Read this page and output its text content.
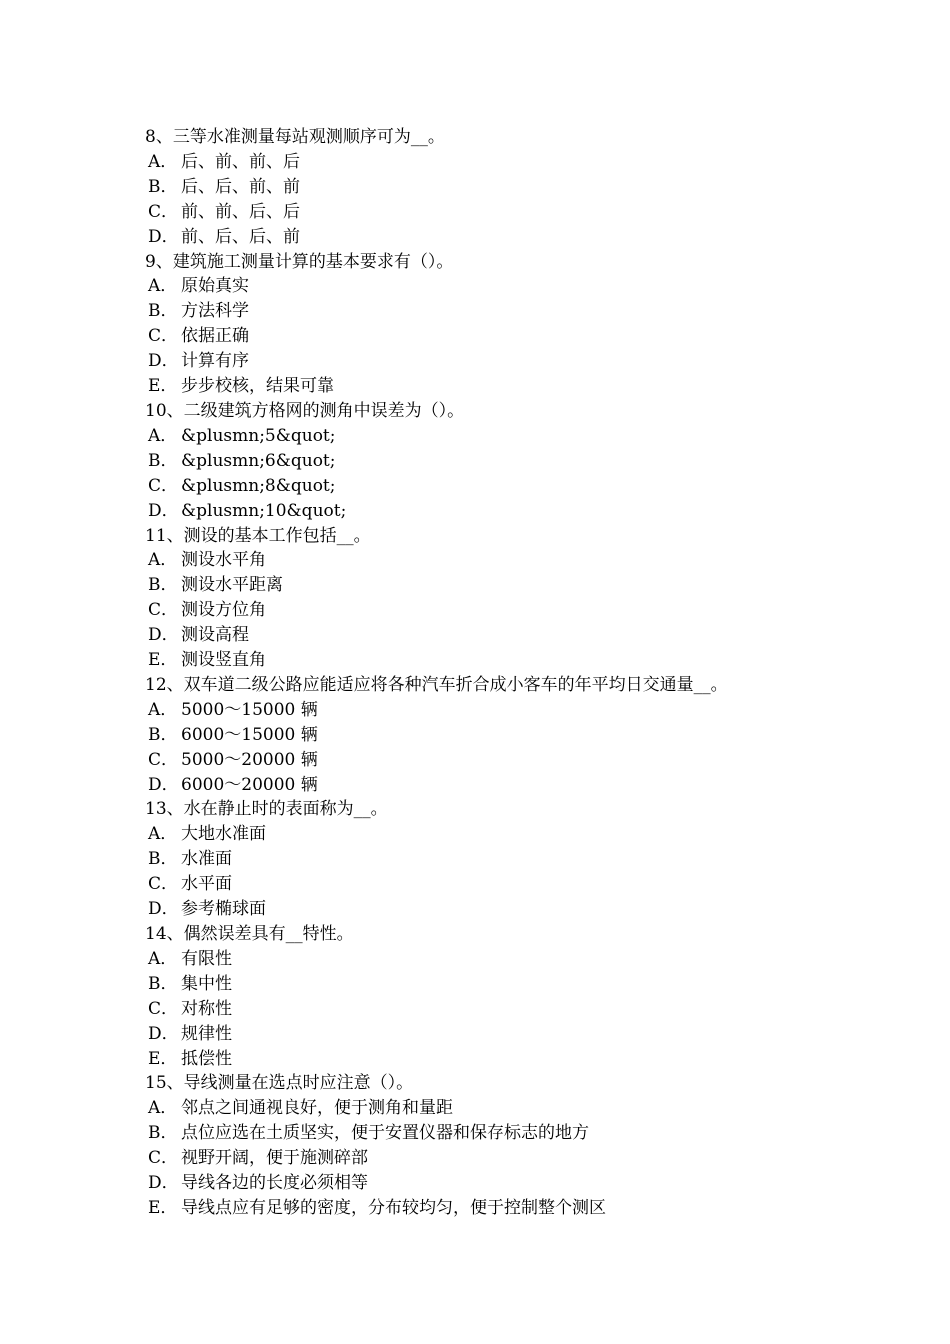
8、三等水准测量每站观测顺序可为__。
A． 后、前、前、后
B． 后、后、前、前
C． 前、前、后、后
D． 前、后、后、前
9、建筑施工测量计算的基本要求有（）。
A． 原始真实
B． 方法科学
C． 依据正确
D． 计算有序
E． 步步校核，结果可靠
10、二级建筑方格网的测角中误差为（）。
A． &plusmn;5&quot;
B． &plusmn;6&quot;
C． &plusmn;8&quot;
D． &plusmn;10&quot;
11、测设的基本工作包括__。
A． 测设水平角
B． 测设水平距离
C． 测设方位角
D． 测设高程
E． 测设竖直角
12、双车道二级公路应能适应将各种汽车折合成小客车的年平均日交通量__。
A． 5000～15000 辆
B． 6000～15000 辆
C． 5000～20000 辆
D． 6000～20000 辆
13、水在静止时的表面称为__。
A． 大地水准面
B． 水准面
C． 水平面
D． 参考椭球面
14、偶然误差具有__特性。
A． 有限性
B． 集中性
C． 对称性
D． 规律性
E． 抵偿性
15、导线测量在选点时应注意（）。
A． 邻点之间通视良好，便于测角和量距
B． 点位应选在土质坚实，便于安置仪器和保存标志的地方
C． 视野开阔，便于施测碎部
D． 导线各边的长度必须相等
E． 导线点应有足够的密度，分布较均匀，便于控制整个测区
